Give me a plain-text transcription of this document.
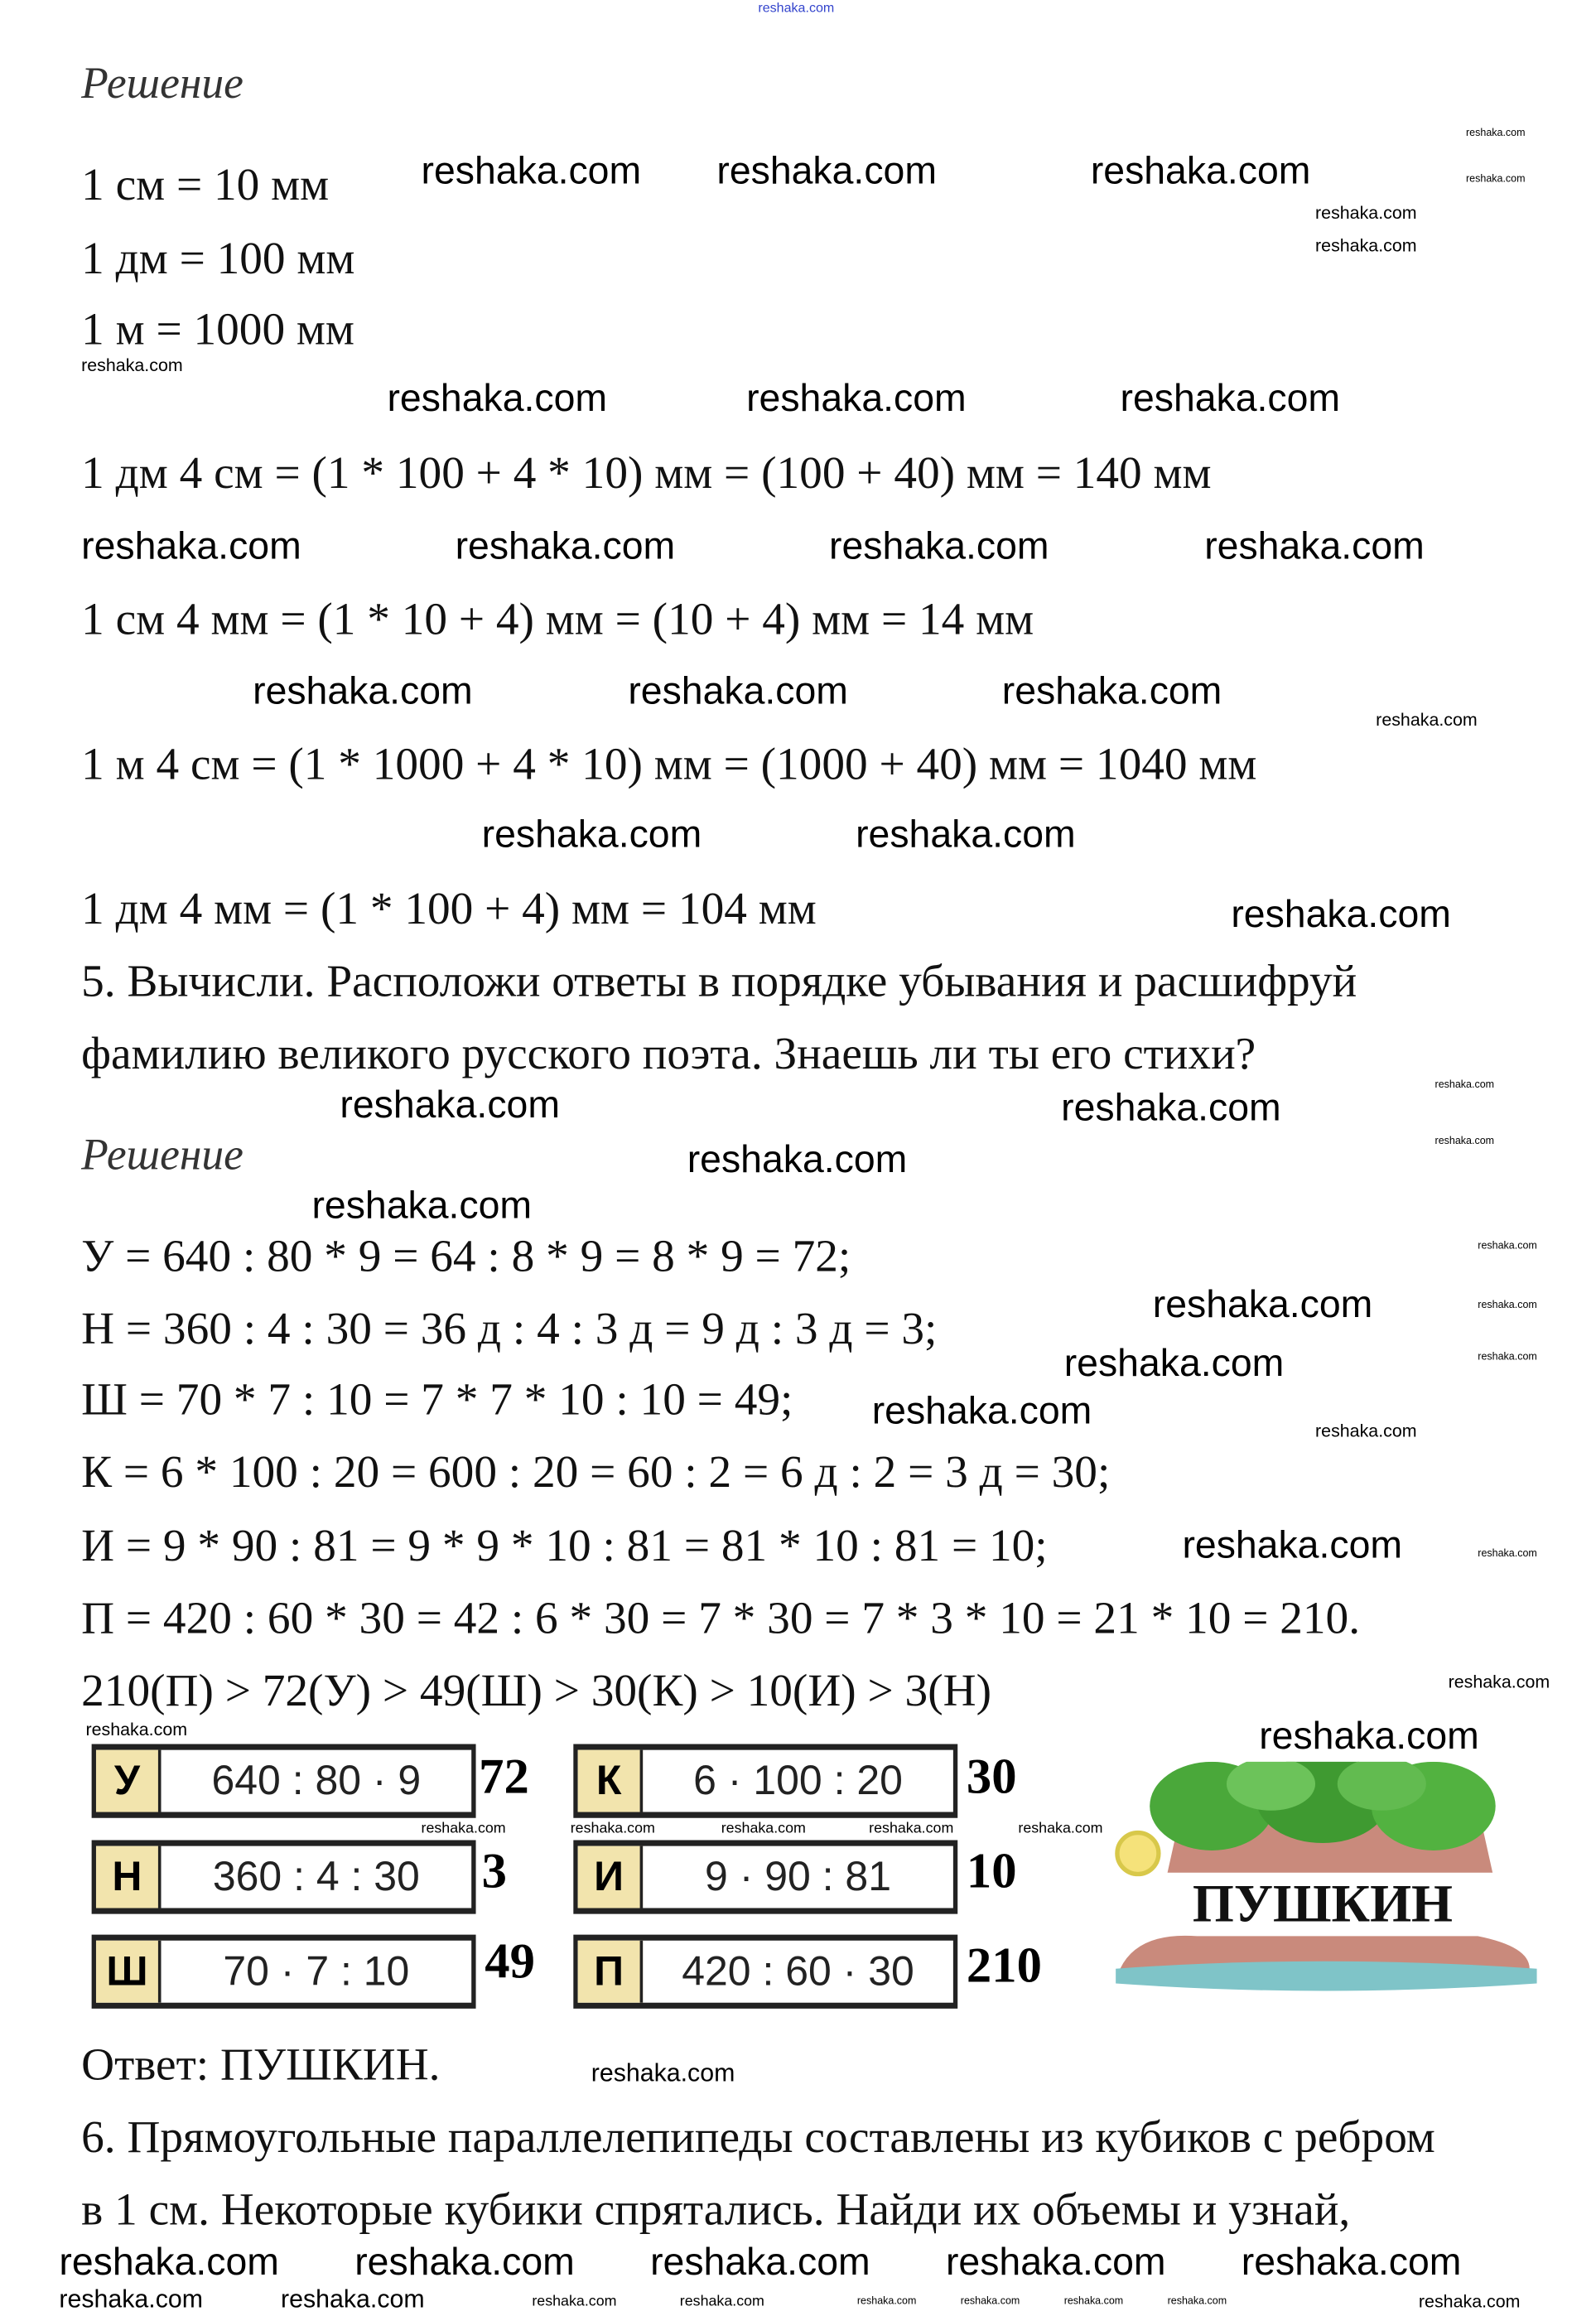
reshaka.com
Решение
1 см = 10 мм
1 дм = 100 мм
1 м = 1000 мм
1 дм 4 см = (1 * 100 + 4 * 10) мм = (100 + 40) мм = 140 мм
1 см 4 мм = (1 * 10 + 4) мм = (10 + 4) мм = 14 мм
1 м 4 см = (1 * 1000 + 4 * 10) мм = (1000 + 40) мм = 1040 мм
1 дм 4 мм = (1 * 100 + 4) мм = 104 мм
5. Вычисли. Расположи ответы в порядке убывания и расшифруй
фамилию великого русского поэта. Знаешь ли ты его стихи?
Решение
У = 640 : 80 * 9 = 64 : 8 * 9 = 8 * 9 = 72;
Н = 360 : 4 : 30 = 36 д : 4 : 3 д = 9 д : 3 д = 3;
Ш = 70 * 7 : 10 = 7 * 7 * 10 : 10 = 49;
К = 6 * 100 : 20 = 600 : 20 = 60 : 2 = 6 д : 2 = 3 д = 30;
И = 9 * 90 : 81 = 9 * 9 * 10 : 81 = 81 * 10 : 81 = 10;
П = 420 : 60 * 30 = 42 : 6 * 30 = 7 * 30 = 7 * 3 * 10 = 21 * 10 = 210.
210(П) > 72(У) > 49(Ш) > 30(К) > 10(И) > 3(Н)
У	640 : 80 · 9	72	К	6 · 100 : 20	30
Н	360 : 4 : 30	3	И	9 · 90 : 81	10
Ш	70 · 7 : 10	49	П	420 : 60 · 30	210
ПУШКИН
Ответ: ПУШКИН.
6. Прямоугольные параллелепипеды составлены из кубиков с ребром
в 1 см. Некоторые кубики спрятались. Найди их объемы и узнай,
reshaka.com	reshaka.com	reshaka.com
reshaka.com	reshaka.com	reshaka.com
reshaka.com	reshaka.com	reshaka.com	reshaka.com
reshaka.com	reshaka.com	reshaka.com
reshaka.com
reshaka.com	reshaka.com
reshaka.com	reshaka.com
reshaka.com
reshaka.com
reshaka.com
reshaka.com
reshaka.com
reshaka.com
reshaka.com	reshaka.com
reshaka.com
reshaka.com	reshaka.com	reshaka.com
reshaka.com
reshaka.com
reshaka.com
reshaka.com
reshaka.com
reshaka.com
reshaka.com
reshaka.com
reshaka.com
reshaka.com
reshaka.com
reshaka.com	reshaka.com	reshaka.com	reshaka.com	reshaka.com
reshaka.com	reshaka.com
reshaka.com
reshaka.com
reshaka.com
reshaka.com
reshaka.com
reshaka.com
reshaka.com
reshaka.com
reshaka.com	reshaka.com	reshaka.com	reshaka.com
